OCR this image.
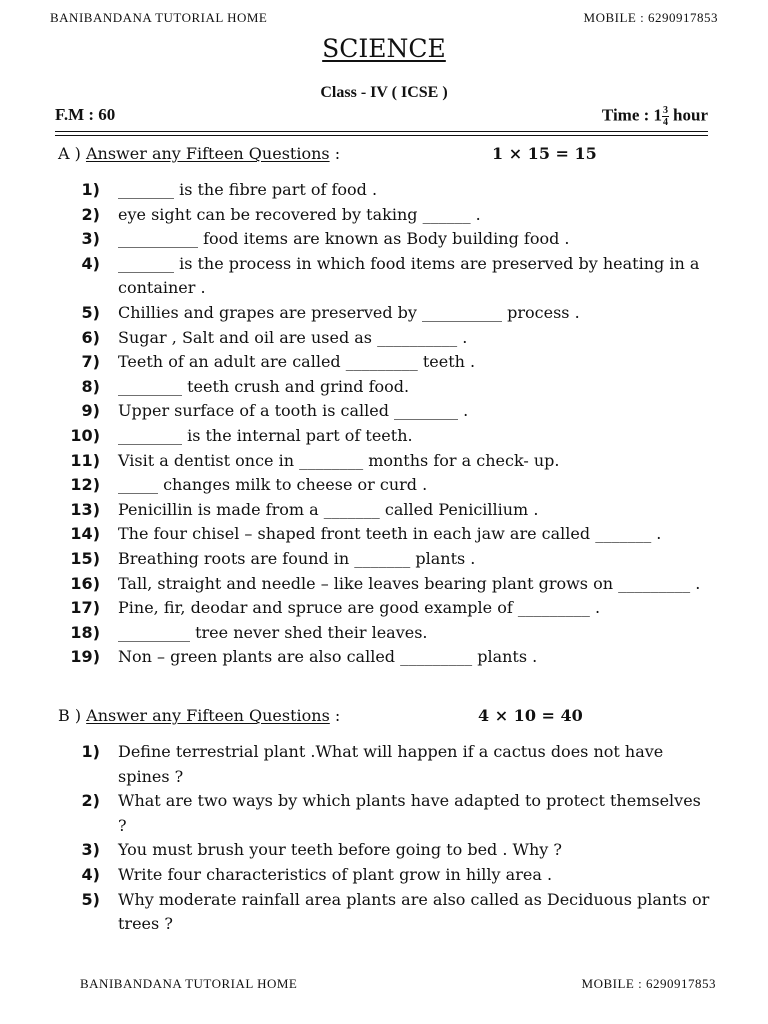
BANIBANDANA TUTORIAL HOME	MOBILE : 6290917853
SCIENCE
Class - IV ( ICSE )
F.M : 60	Time : $1 \frac{3}{4}$ hour
A ) Answer any Fifteen Questions :	1 × 15 = 15
1) _______ is the fibre part of food .
2) eye sight can be recovered by taking ______ .
3) __________ food items are known as Body building food .
4) _______ is the process in which food items are preserved by heating in a container .
5) Chillies and grapes are preserved by __________ process .
6) Sugar , Salt and oil are used as __________ .
7) Teeth of an adult are called _________ teeth .
8) ________ teeth crush and grind food.
9) Upper surface of a tooth is called ________ .
10) ________ is the internal part of teeth.
11) Visit a dentist once in ________ months for a check- up.
12) _____ changes milk to cheese or curd .
13) Penicillin is made from a _______ called Penicillium .
14) The four chisel – shaped front teeth in each jaw are called _______ .
15) Breathing roots are found in _______ plants .
16) Tall, straight and needle – like leaves bearing plant grows on _________ .
17) Pine, fir, deodar and spruce are good example of _________ .
18) _________ tree never shed their leaves.
19) Non – green plants are also called _________ plants .
B ) Answer any Fifteen Questions :	4 × 10 = 40
1) Define terrestrial plant .What will happen if a cactus does not have spines ?
2) What are two ways by which plants have adapted to protect themselves ?
3) You must brush your teeth before going to bed . Why ?
4) Write four characteristics of plant grow in hilly area .
5) Why moderate rainfall area plants are also called as Deciduous plants or trees ?
BANIBANDANA TUTORIAL HOME	MOBILE : 6290917853
